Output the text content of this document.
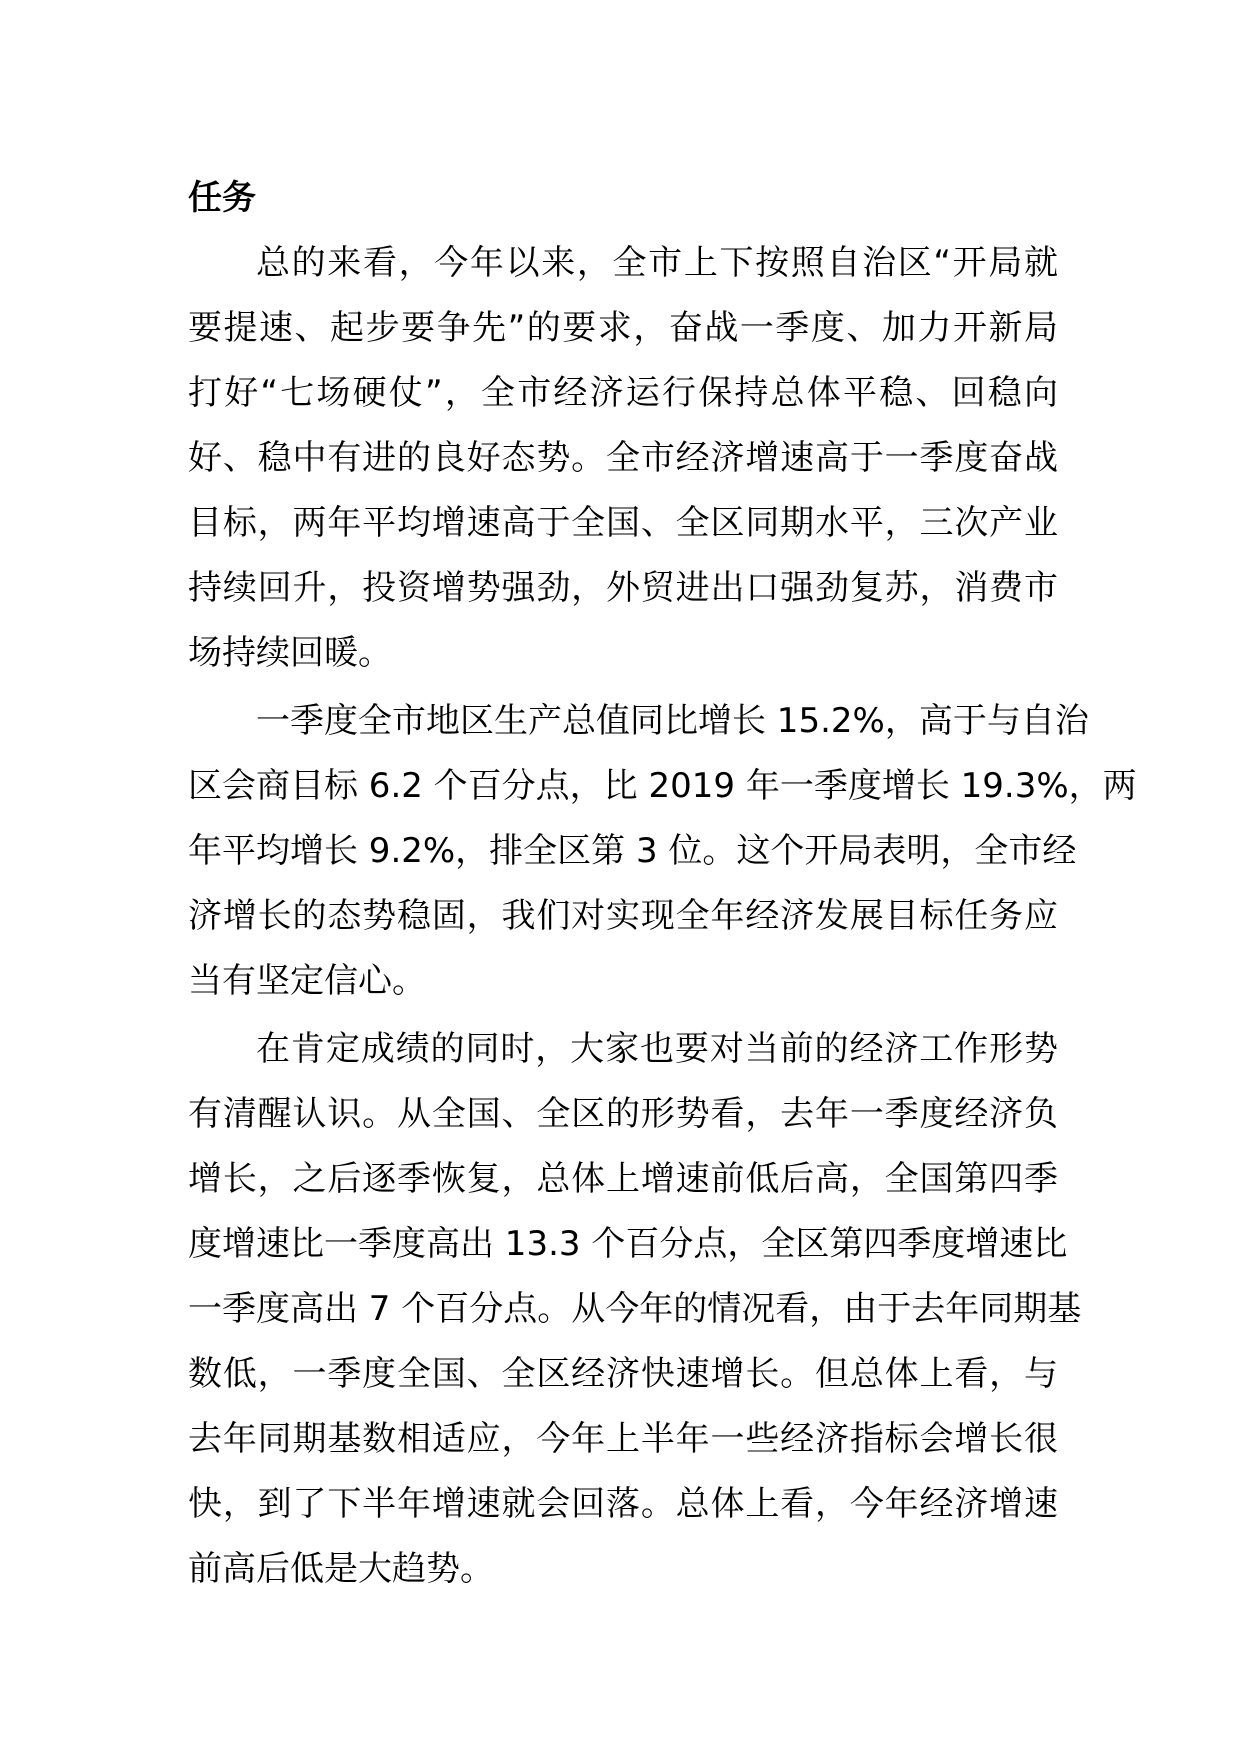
任务
总的来看，今年以来，全市上下按照自治区“开局就
要提速、起步要争先”的要求，奋战一季度、加力开新局
打好“七场硬仗”，全市经济运行保持总体平稳、回稳向
好、稳中有进的良好态势。全市经济增速高于一季度奋战
目标，两年平均增速高于全国、全区同期水平，三次产业
持续回升，投资增势强劲，外贸进出口强劲复苏，消费市
场持续回暖。
一季度全市地区生产总值同比增长 15.2%，高于与自治
区会商目标 6.2 个百分点，比 2019 年一季度增长 19.3%，两
年平均增长 9.2%，排全区第 3 位。这个开局表明，全市经
济增长的态势稳固，我们对实现全年经济发展目标任务应
当有坚定信心。
在肯定成绩的同时，大家也要对当前的经济工作形势
有清醒认识。从全国、全区的形势看，去年一季度经济负
增长，之后逐季恢复，总体上增速前低后高，全国第四季
度增速比一季度高出 13.3 个百分点，全区第四季度增速比
一季度高出 7 个百分点。从今年的情况看，由于去年同期基
数低，一季度全国、全区经济快速增长。但总体上看，与
去年同期基数相适应，今年上半年一些经济指标会增长很
快，到了下半年增速就会回落。总体上看，今年经济增速
前高后低是大趋势。
